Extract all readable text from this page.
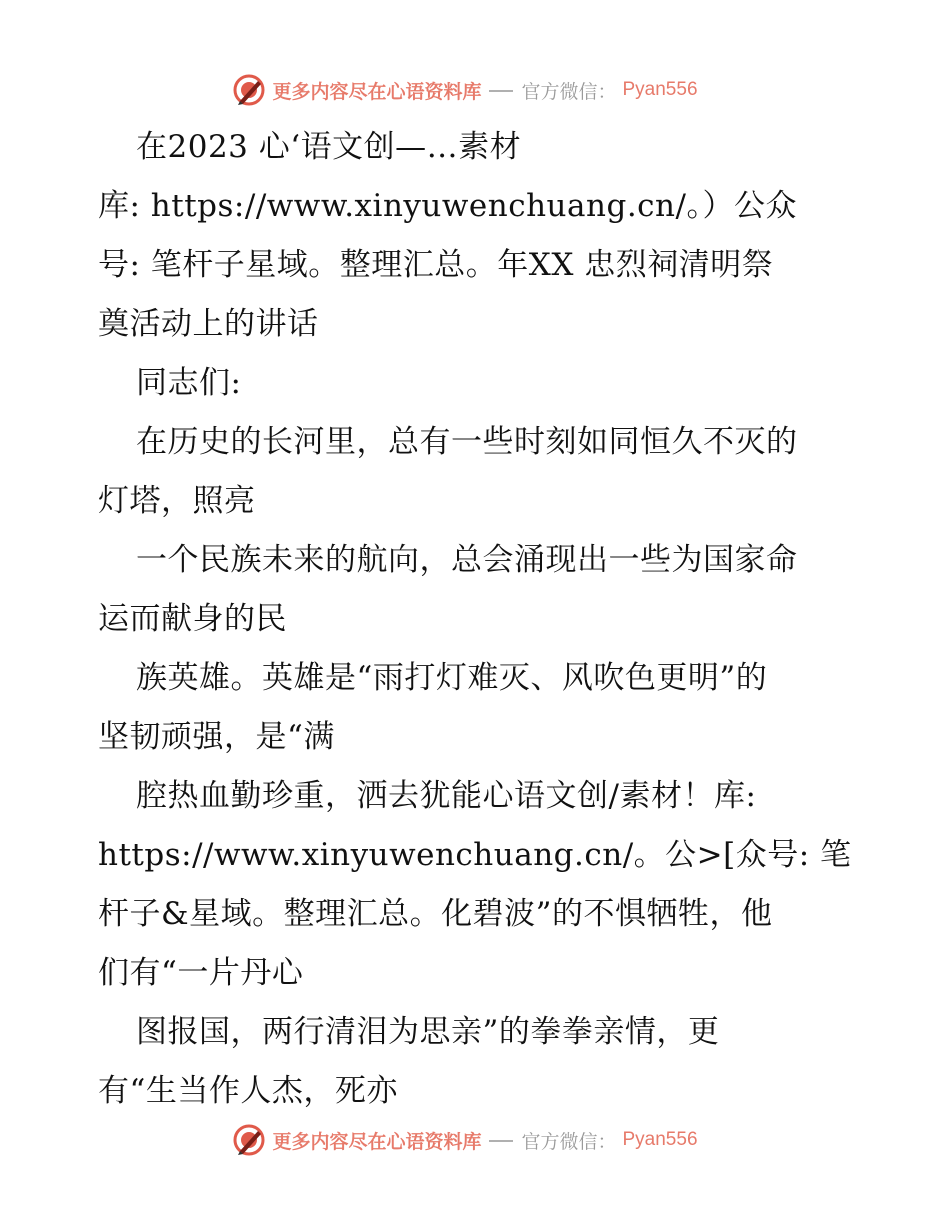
更多内容尽在心语资料库 官方微信： Pyan556
在2023 心‘语文创—…素材
库: https://www.xinyuwenchuang.cn/。）公众
号: 笔杆子星域。整理汇总。年XX 忠烈祠清明祭
奠活动上的讲话
同志们:
在历史的长河里，总有一些时刻如同恒久不灭的
灯塔，照亮
一个民族未来的航向，总会涌现出一些为国家命
运而献身的民
族英雄。英雄是“雨打灯难灭、风吹色更明”的
坚韧顽强，是“满
腔热血勤珍重，洒去犹能心语文创/素材！库:
https://www.xinyuwenchuang.cn/。公>[众号: 笔
杆子&星域。整理汇总。化碧波”的不惧牺牲，他
们有“一片丹心
图报国，两行清泪为思亲”的拳拳亲情，更
有“生当作人杰，死亦
更多内容尽在心语资料库 官方微信： Pyan556
